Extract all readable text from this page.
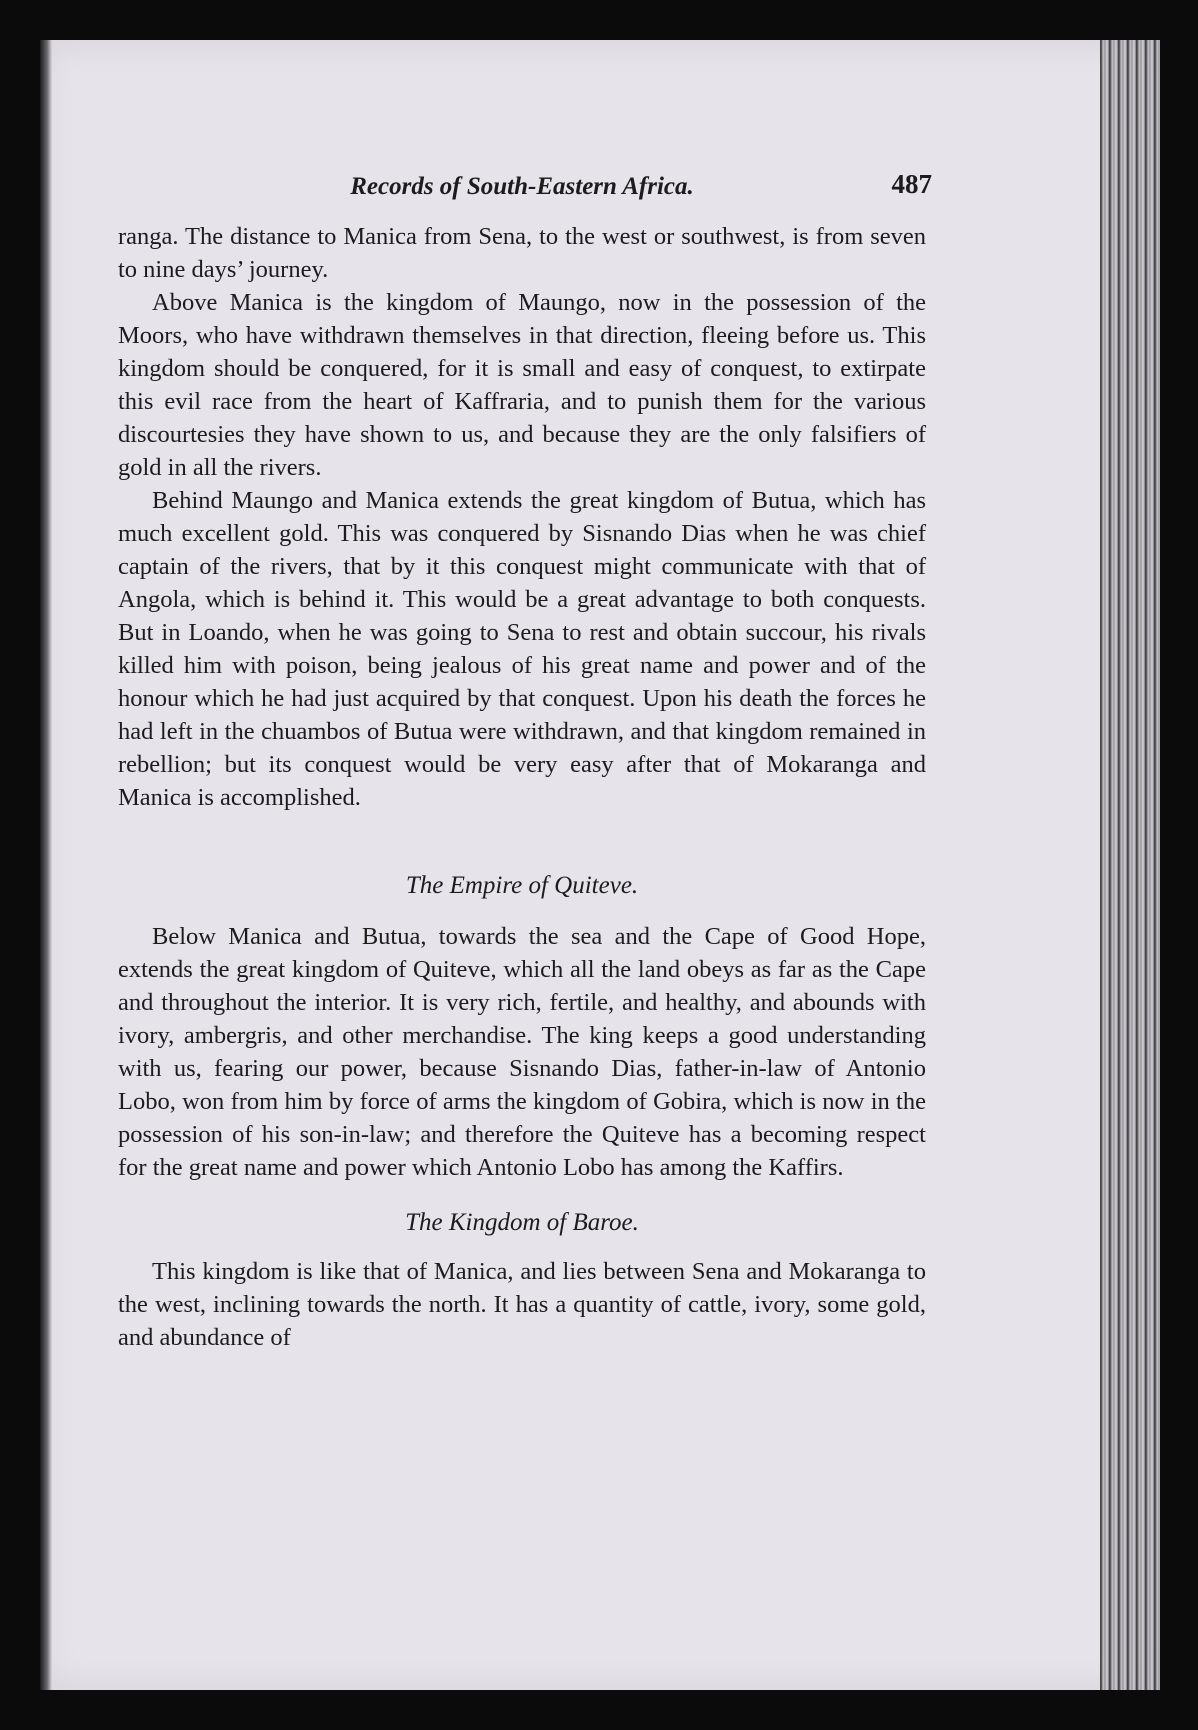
Records of South-Eastern Africa.	487

ranga. The distance to Manica from Sena, to the west or southwest, is from seven to nine days’ journey.

Above Manica is the kingdom of Maungo, now in the possession of the Moors, who have withdrawn themselves in that direction, fleeing before us. This kingdom should be conquered, for it is small and easy of conquest, to extirpate this evil race from the heart of Kaffraria, and to punish them for the various discourtesies they have shown to us, and because they are the only falsifiers of gold in all the rivers.

Behind Maungo and Manica extends the great kingdom of Butua, which has much excellent gold. This was conquered by Sisnando Dias when he was chief captain of the rivers, that by it this conquest might communicate with that of Angola, which is behind it. This would be a great advantage to both conquests. But in Loando, when he was going to Sena to rest and obtain succour, his rivals killed him with poison, being jealous of his great name and power and of the honour which he had just acquired by that conquest. Upon his death the forces he had left in the chuambos of Butua were withdrawn, and that kingdom remained in rebellion; but its conquest would be very easy after that of Mokaranga and Manica is accomplished.

The Empire of Quiteve.

Below Manica and Butua, towards the sea and the Cape of Good Hope, extends the great kingdom of Quiteve, which all the land obeys as far as the Cape and throughout the interior. It is very rich, fertile, and healthy, and abounds with ivory, ambergris, and other merchandise. The king keeps a good understanding with us, fearing our power, because Sisnando Dias, father-in-law of Antonio Lobo, won from him by force of arms the kingdom of Gobira, which is now in the possession of his son-in-law; and therefore the Quiteve has a becoming respect for the great name and power which Antonio Lobo has among the Kaffirs.

The Kingdom of Baroe.

This kingdom is like that of Manica, and lies between Sena and Mokaranga to the west, inclining towards the north. It has a quantity of cattle, ivory, some gold, and abundance of
